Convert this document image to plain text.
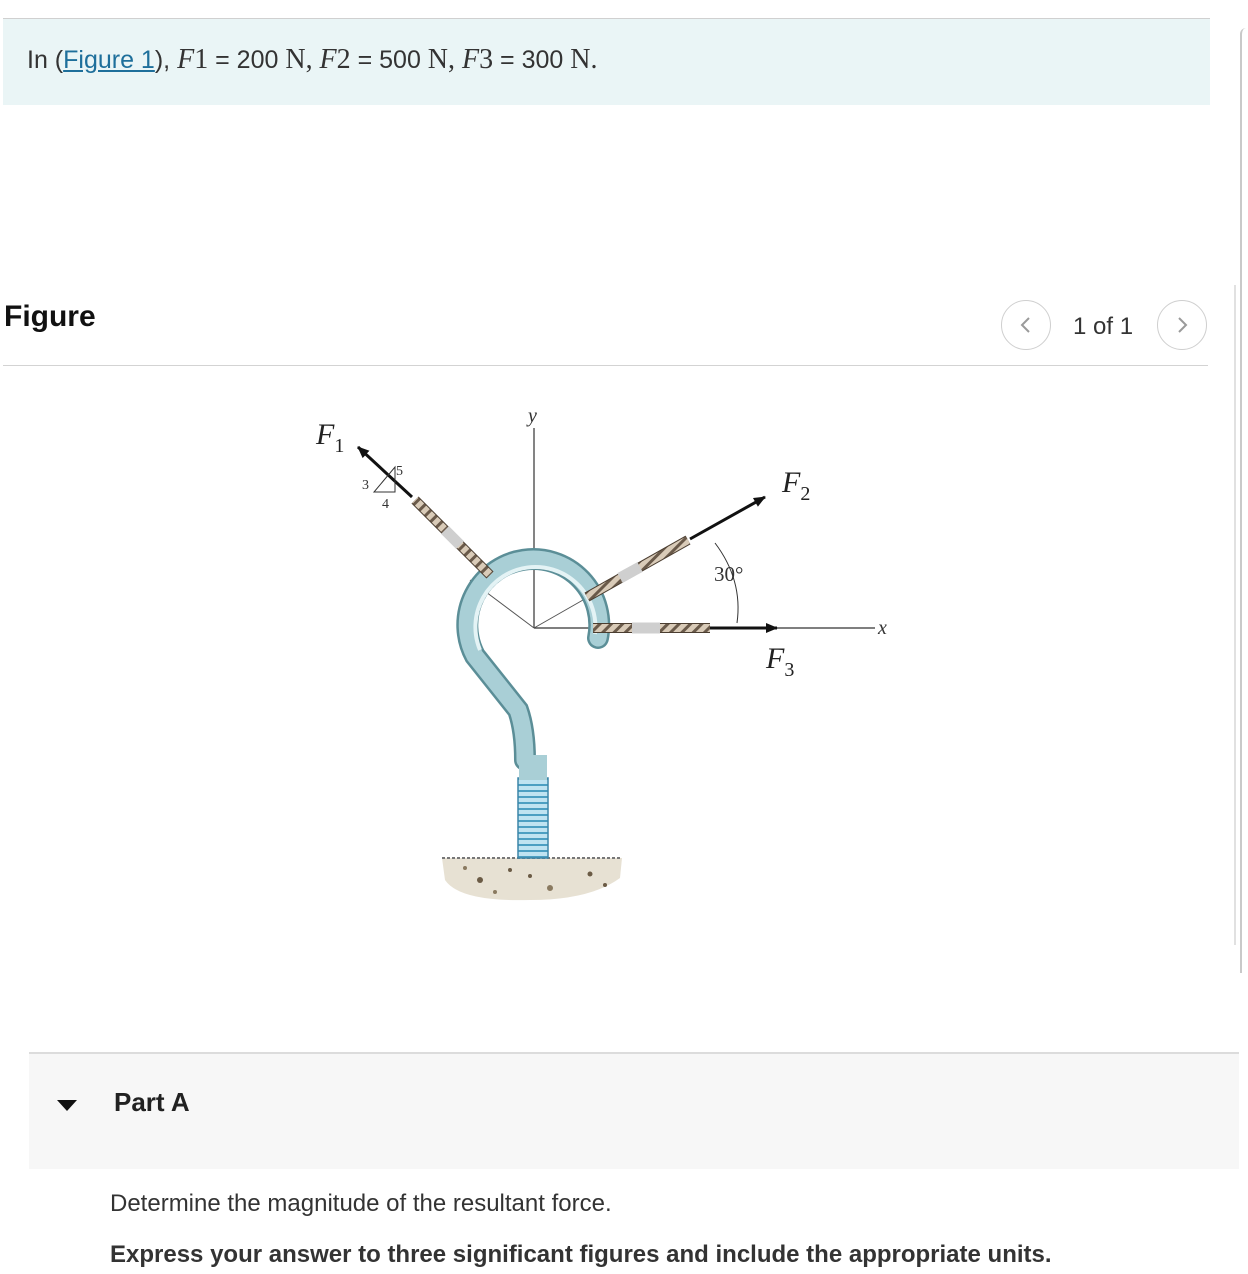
In ( Figure 1 ),
F 1 = 200 N ,
F 2 = 500 N ,
F 3 = 300 N .
Figure	1 of 1
$F_1$
$F_2$
$F_3$
y
x
30°
3
4
5
Part A
Determine the magnitude of the resultant force.
Express your answer to three significant figures and include the appropriate units.
